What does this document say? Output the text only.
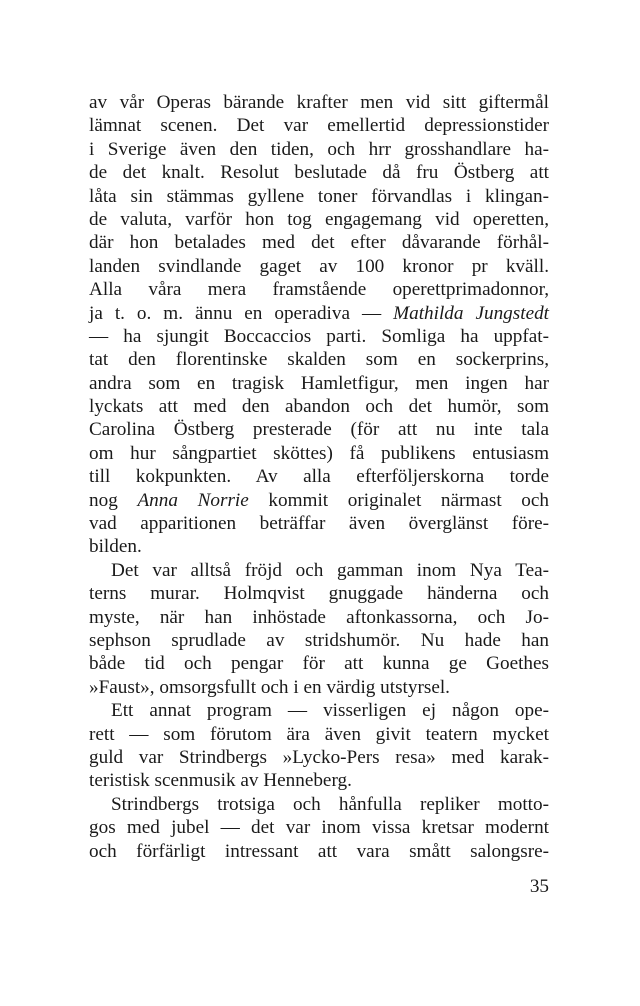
av vår Operas bärande krafter men vid sitt giftermål
lämnat scenen. Det var emellertid depressionstider
i Sverige även den tiden, och hrr grosshandlare ha-
de det knalt. Resolut beslutade då fru Östberg att
låta sin stämmas gyllene toner förvandlas i klingan-
de valuta, varför hon tog engagemang vid operetten,
där hon betalades med det efter dåvarande förhål-
landen svindlande gaget av 100 kronor pr kväll.
Alla våra mera framstående operettprimadonnor,
ja t. o. m. ännu en operadiva — Mathilda Jungstedt
— ha sjungit Boccaccios parti. Somliga ha uppfat-
tat den florentinske skalden som en sockerprins,
andra som en tragisk Hamletfigur, men ingen har
lyckats att med den abandon och det humör, som
Carolina Östberg presterade (för att nu inte tala
om hur sångpartiet sköttes) få publikens entusiasm
till kokpunkten. Av alla efterföljerskorna torde
nog Anna Norrie kommit originalet närmast och
vad apparitionen beträffar även överglänst före-
bilden.
Det var alltså fröjd och gamman inom Nya Tea-
terns murar. Holmqvist gnuggade händerna och
myste, när han inhöstade aftonkassorna, och Jo-
sephson sprudlade av stridshumör. Nu hade han
både tid och pengar för att kunna ge Goethes
»Faust», omsorgsfullt och i en värdig utstyrsel.
Ett annat program — visserligen ej någon ope-
rett — som förutom ära även givit teatern mycket
guld var Strindbergs »Lycko-Pers resa» med karak-
teristisk scenmusik av Henneberg.
Strindbergs trotsiga och hånfulla repliker motto-
gos med jubel — det var inom vissa kretsar modernt
och förfärligt intressant att vara smått salongsre-
35
